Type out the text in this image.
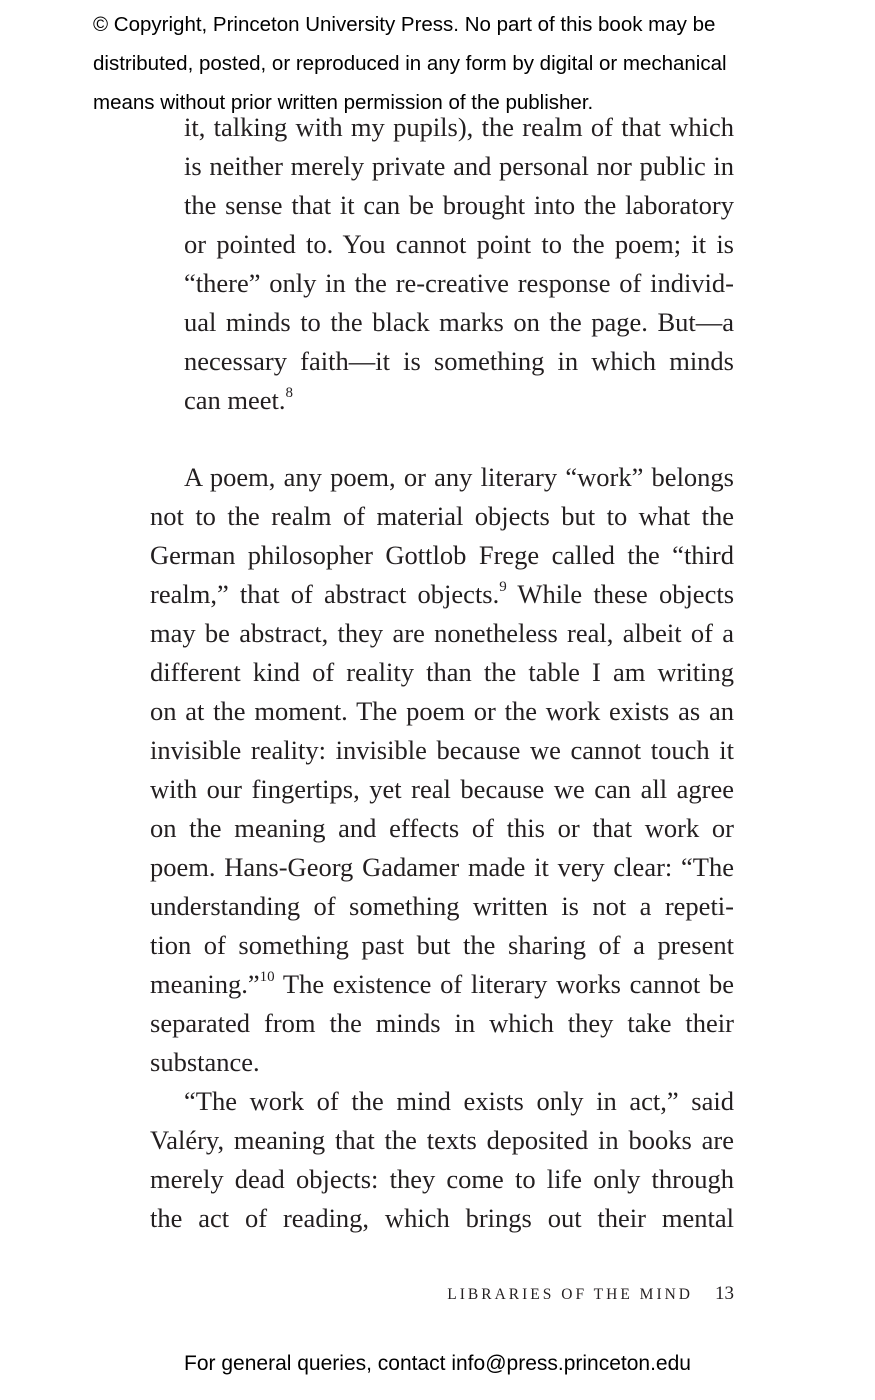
© Copyright, Princeton University Press. No part of this book may be
distributed, posted, or reproduced in any form by digital or mechanical
means without prior written permission of the publisher.
it, talking with my pupils), the realm of that which
is neither merely private and personal nor public in
the sense that it can be brought into the laboratory
or pointed to. You cannot point to the poem; it is
“there” only in the re-creative response of individ-
ual minds to the black marks on the page. But—a
necessary faith—it is something in which minds
can meet.$^8$
A poem, any poem, or any literary “work” belongs
not to the realm of material objects but to what the
German philosopher Gottlob Frege called the “third
realm,” that of abstract objects.$^9$ While these objects
may be abstract, they are nonetheless real, albeit of a
different kind of reality than the table I am writing
on at the moment. The poem or the work exists as an
invisible reality: invisible because we cannot touch it
with our fingertips, yet real because we can all agree
on the meaning and effects of this or that work or
poem. Hans-Georg Gadamer made it very clear: “The
understanding of something written is not a repeti-
tion of something past but the sharing of a present
meaning.”$^{10}$ The existence of literary works cannot be
separated from the minds in which they take their
substance.
“The work of the mind exists only in act,” said
Valéry, meaning that the texts deposited in books are
merely dead objects: they come to life only through
the act of reading, which brings out their mental
LIBRARIES OF THE MIND 13
For general queries, contact info@press.princeton.edu
